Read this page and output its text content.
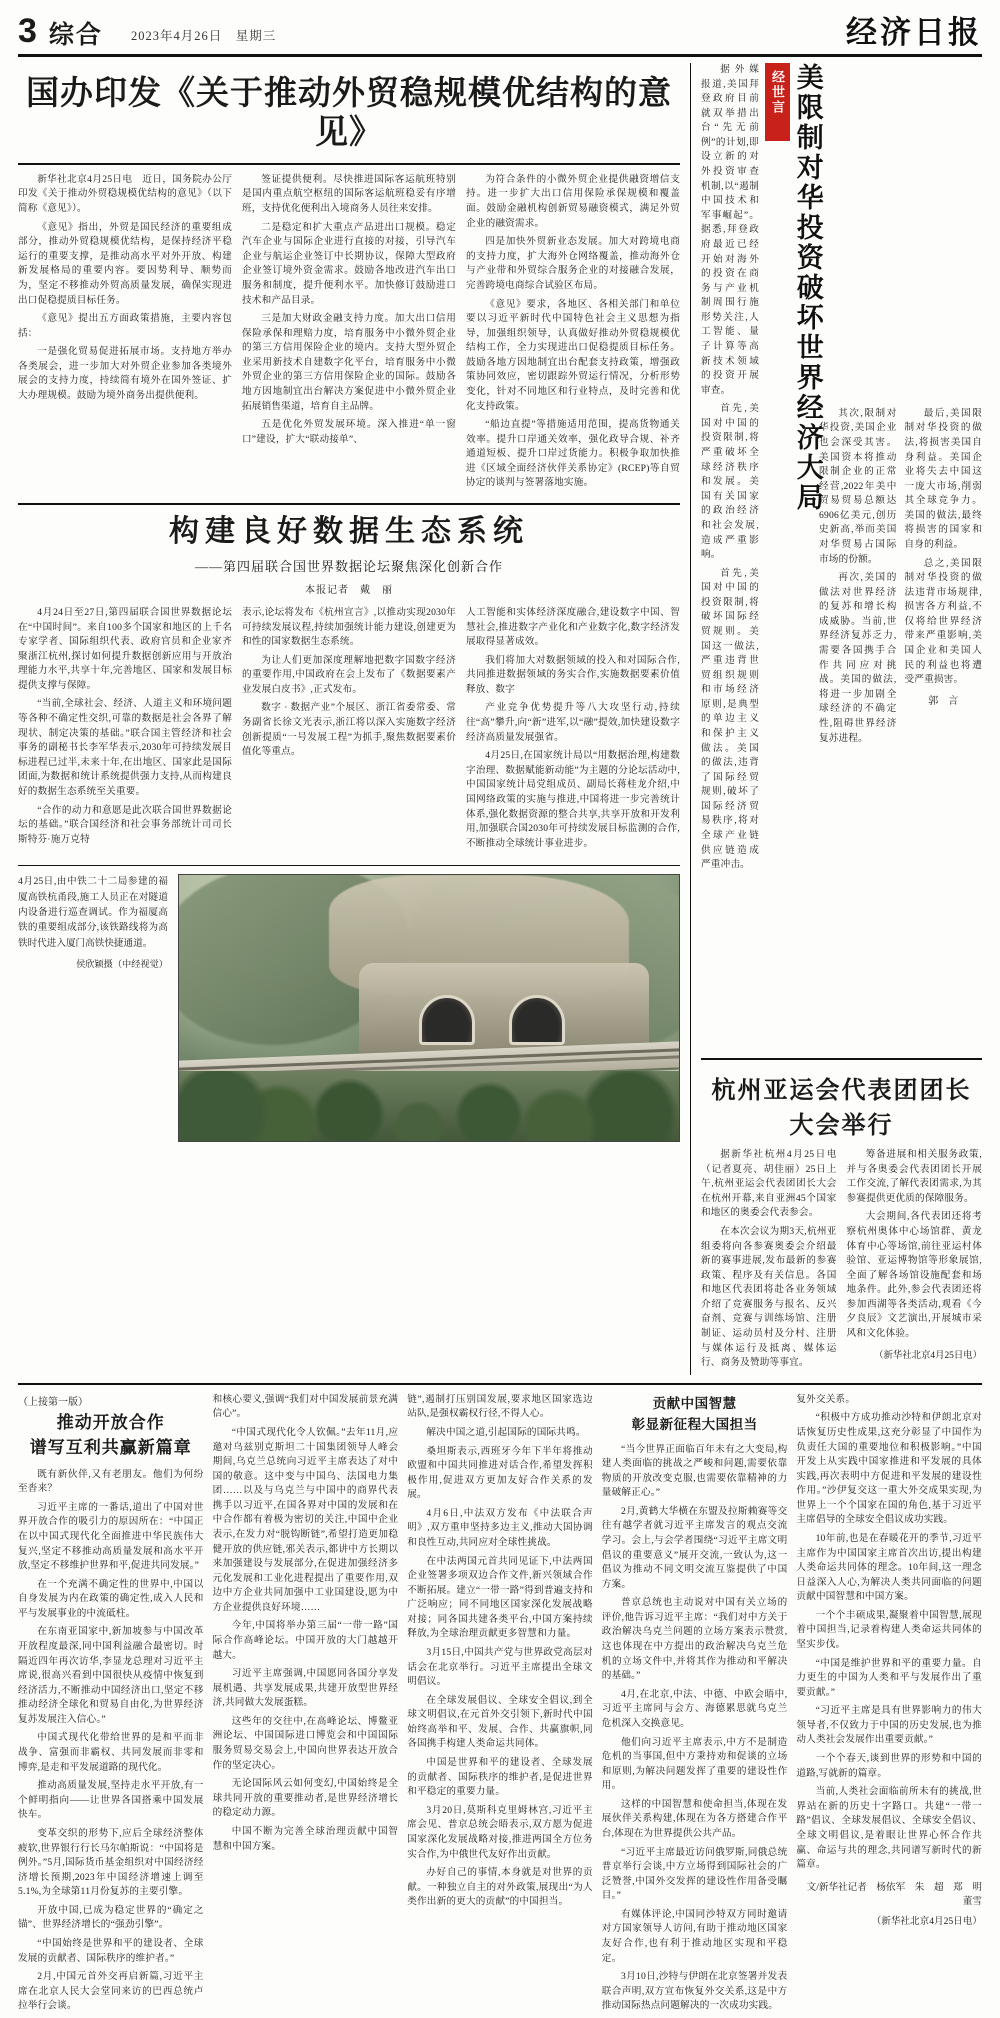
3 综合 2023年4月26日　星期三	经济日报
国办印发《关于推动外贸稳规模优结构的意见》

新华社北京4月25日电　近日，国务院办公厅印发《关于推动外贸稳规模优结构的意见》（以下简称《意见》）。

《意见》指出，外贸是国民经济的重要组成部分，推动外贸稳规模优结构，是保持经济平稳运行的重要支撑，是推动高水平对外开放、构建新发展格局的重要内容。要因势利导、顺势而为，坚定不移推动外贸高质量发展，确保实现进出口促稳提质目标任务。

《意见》提出五方面政策措施，主要内容包括：

一是强化贸易促进拓展市场。支持地方举办各类展会，进一步加大对外贸企业参加各类境外展会的支持力度，持续简有境外在国外签证、扩大办理规模。鼓励为境外商务出提供便利。

签证提供便利。尽快推进国际客运航班特别是国内重点航空枢纽的国际客运航班稳妥有序增班，支持优化便利出入境商务人员往来安排。

二是稳定和扩大重点产品进出口规模。稳定汽车企业与国际企业进行直接的对接，引导汽车企业与航运企业签订中长期协议，保障大型政府企业签订境外资金需求。鼓励各地改进汽车出口服务和制度，提升便利水平。加快修订鼓励进口技术和产品目录。

三是加大财政金融支持力度。加大出口信用保险承保和理赔力度，培育服务中小微外贸企业的第三方信用保险企业的境内。支持大型外贸企业采用新技术自建数字化平台，培育服务中小微外贸企业的第三方信用保险企业的国际。鼓励各地方因地制宜出台解决方案促进中小微外贸企业拓展销售渠道，培育自主品牌。

五是优化外贸发展环境。深入推进“单一窗口”建设，扩大“联动接单”、

为符合条件的小微外贸企业提供融资增信支持。进一步扩大出口信用保险承保规模和覆盖面。鼓励金融机构创新贸易融资模式，满足外贸企业的融资需求。

四是加快外贸新业态发展。加大对跨境电商的支持力度，扩大海外仓网络覆盖，推动海外仓与产业带和外贸综合服务企业的对接融合发展，完善跨境电商综合试验区布局。

《意见》要求，各地区、各相关部门和单位要以习近平新时代中国特色社会主义思想为指导，加强组织领导，认真做好推动外贸稳规模优结构工作，全力实现进出口促稳提质目标任务。鼓励各地方因地制宜出台配套支持政策，增强政策协同效应，密切跟踪外贸运行情况，分析形势变化，针对不同地区和行业特点，及时完善和优化支持政策。

“船边直提”等措施适用范围，提高货物通关效率。提升口岸通关效率，强化政导合规、补齐通道短板、提升口岸过货能力。积极争取加快推进《区域全面经济伙伴关系协定》(RCEP)等自贸协定的谈判与签署落地实施。

构建良好数据生态系统
——第四届联合国世界数据论坛聚焦深化创新合作
本报记者　戴　丽

4月24日至27日,第四届联合国世界数据论坛在“中国时间”。来自100多个国家和地区的上千名专家学者、国际组织代表、政府官员和企业家齐聚浙江杭州,探讨如何提升数据创新应用与开放治理能力水平,共享十年,完善地区、国家和发展目标提供支撑与保障。

“当前,全球社会、经济、人道主义和环境问题等各种不确定性交织,可靠的数据是社会各界了解现状、制定决策的基础。”联合国主管经济和社会事务的副秘书长李军华表示,2030年可持续发展目标进程已过半,未来十年,在出地区、国家此是国际团面,为数据和统计系统提供强力支持,从而构建良好的数据生态系统至关重要。

“合作的动力和意愿是此次联合国世界数据论坛的基础。”联合国经济和社会事务部统计司司长斯特芬·施万克特

表示,论坛将发布《杭州宣言》,以推动实现2030年可持续发展议程,持续加强统计能力建设,创建更为和性的国家数据生态系统。

为让人们更加深度理解地把数字国数字经济的重要作用,中国政府在会上发布了《数据要素产业发展白皮书》,正式发布。

数字 · 数据产业”个展区、浙江省委常委、常务副省长徐文光表示,浙江将以深入实施数字经济创新提质“一号发展工程”为抓手,聚焦数据要素价值化等重点。

人工智能和实体经济深度融合,建设数字中国、智慧社会,推进数字产业化和产业数字化,数字经济发展取得显著成效。

我们将加大对数据领域的投入和对国际合作,共同推进数据领域的务实合作,实施数据要素价值释放、数字

产业竞争优势提升等八大攻坚行动,持续往“高”攀升,向“新”进军,以“融”提效,加快建设数字经济高质量发展强省。

4月25日,在国家统计局以“用数据治理,构建数字治理、数据赋能新动能”为主题的分论坛活动中,中国国家统计局党组成员、副局长蒋桂龙介绍,中国网络政策的实施与推进,中国将进一步完善统计体系,强化数据资源的整合共享,共享开放和开发利用,加强联合国2030年可持续发展目标监测的合作,不断推动全球统计事业进步。

4月25日,由中铁二十二局参建的福厦高铁杭甬段,施工人员正在对隧道内设备进行巡查调试。作为福厦高铁的重要组成部分,该铁路线将为高铁时代进入厦门高铁快捷通道。
侯欣颖摄（中经视觉）

据外媒报道,美国拜登政府目前就双举措出台“先无前例”的计划,即设立新的对外投资审查机制,以“遏制中国技术和军事崛起”。据悉,拜登政府最近已经开始对海外的投资在商务与产业机制周围行施形势关注,人工智能、量子计算等高新技术领域的投资开展审查。

首先,美国对中国的投资限制,将严重破坏全球经济秩序和发展。美国有关国家的政治经济和社会发展,造成严重影响。

首先,美国对中国的投资限制,将破坏国际经贸规则。美国这一做法,严重违背世贸组织规则和市场经济原则,是典型的单边主义和保护主义做法。美国的做法,违背了国际经贸规则,破坏了国际经济贸易秩序,将对全球产业链供应链造成严重冲击。

美限制对华投资破坏世界经济大局
经世言

其次,限制对华投资,美国企业也会深受其害。美国资本将推动限制企业的正常经营,2022年美中贸易贸易总额达6906亿美元,创历史新高,举而美国对华贸易占国际市场的份额。

再次,美国的做法对世界经济的复苏和增长构成威胁。当前,世界经济复苏乏力,需要各国携手合作共同应对挑战。美国的做法,将进一步加剧全球经济的不确定性,阻碍世界经济复苏进程。

最后,美国限制对华投资的做法,将损害美国自身利益。美国企业将失去中国这一庞大市场,削弱其全球竞争力。美国的做法,最终将损害的国家和自身的利益。

总之,美国限制对华投资的做法违背市场规律,损害各方利益,不仅将给世界经济带来严重影响,美国企业和美国人民的利益也将遭受严重损害。

郭　言
杭州亚运会代表团团长大会举行

据新华社杭州4月25日电（记者夏亮、胡佳丽）25日上午,杭州亚运会代表团团长大会在杭州开幕,来自亚洲45个国家和地区的奥委会代表参会。

在本次会议为期3天,杭州亚组委将向各参赛奥委会介绍最新的赛事进展,发布最新的参赛政策、程序及有关信息。各国和地区代表团将赴各业务领域介绍了竞赛服务与报名、反兴奋剂、竞赛与训练场馆、注册制证、运动员村及分村、注册与媒体运行及抵离、媒体运行、商务及赞助等事宜。

筹备进展和相关服务政策,并与各奥委会代表团团长开展工作交流,了解代表团需求,为其参赛提供更优质的保障服务。

大会期间,各代表团还将考察杭州奥体中心场馆群、黄龙体育中心等场馆,前往亚运村体验馆、亚运博物馆等形象展馆,全面了解各场馆设施配套和场地条件。此外,参会代表团还将参加西湖等各类活动,观看《今夕良辰》文艺演出,开展城市采风和文化体验。

（新华社北京4月25日电）
（上接第一版）
推动开放合作
谱写互利共赢新篇章

既有新伙伴,又有老朋友。他们为何纷至沓来？

习近平主席的一番话,道出了中国对世界开放合作的吸引力的原因所在：“中国正在以中国式现代化全面推进中华民族伟大复兴,坚定不移推动高质量发展和高水平开放,坚定不移维护世界和平,促进共同发展。”

在一个充满不确定性的世界中,中国以自身发展为内在政策的确定性,成入人民和平与发展事业的中流砥柱。

在东南亚国家中,新加坡参与中国改革开放程度最深,同中国利益融合最密切。时隔近四年再次访华,李显龙总理对习近平主席说,很高兴看到中国很快从疫情中恢复到经济活力,不断推动中国经济出口,坚定不移推动经济全球化和贸易自由化,为世界经济复苏发展注入信心。”

中国式现代化带给世界的是和平而非战争、富强而非霸权、共同发展而非零和博弈,是走和平发展道路的现代化。

推动高质量发展,坚持走水平开放,有一个鲜明指向——让世界各国搭乘中国发展快车。

变革交织的形势下,应后全球经济整体疲软,世界银行行长马尔帕斯说：“中国将是例外。”5月,国际货币基金组织对中国经济经济增长预期,2023年中国经济增速上调至5.1%,为全球第11月份复苏的主要引擎。

开放中国,已成为稳定世界的“确定之锚”、世界经济增长的“强劲引擎”。

“中国始终是世界和平的建设者、全球发展的贡献者、国际秩序的维护者。”

2月,中国元首外交再启新篇,习近平主席在北京人民大会堂同来访的巴西总统卢拉举行会谈。

和核心要义,强调“我们对中国发展前景充满信心”。

“中国式现代化令人钦佩。”去年11月,应邀对乌兹别克斯坦二十国集团领导人峰会期间,乌克兰总统向习近平主席表达了对中国的敬意。这中变与中国乌、法国电力集团……以及与乌克兰与中国中的商界代表携手以习近平,在国各界对中国的发展和在中合作都有着极为密切的关注,中国中企业表示,在发力对“脱钩断链”,希望打造更加稳健开放的供应链,邪关表示,都讲中方长期以来加强建设与发展部分,在促进加强经济多元化发展和工业化进程提出了重要作用,双边中方企业共同加强中工业国建设,愿为中方企业提供良好环境……

今年,中国将举办第三届“一带一路”国际合作高峰论坛。中国开放的大门越越开越大。

习近平主席强调,中国愿同各国分享发展机遇、共享发展成果,共建开放型世界经济,共同做大发展蛋糕。

这些年的交往中,在高峰论坛、博鳌亚洲论坛、中国国际进口博览会和中国国际服务贸易交易会上,中国向世界表达开放合作的坚定决心。

无论国际风云如何变幻,中国始终是全球共同开放的重要推动者,是世界经济增长的稳定动力源。

中国不断为完善全球治理贡献中国智慧和中国方案。

链”,遏制打压别国发展,要求地区国家选边站队,是强权霸权行径,不得人心。

解决中国之道,引起国际的国际共鸣。

桑坦斯表示,西班牙今年下半年将推动欧盟和中国共同推进对话合作,希望发挥积极作用,促进双方更加友好合作关系的发展。

4月6日,中法双方发布《中法联合声明》,双方重申坚持多边主义,推动大国协调和良性互动,共同应对全球性挑战。

在中法两国元首共同见证下,中法两国企业签署多项双边合作文件,新兴领域合作不断拓展。建立“一带一路”得到普遍支持和广泛响应；同不同地区国家深化发展战略对接；同各国共建各类平台,中国方案持续释放,为全球治理贡献更多智慧和力量。

3月15日,中国共产党与世界政党高层对话会在北京举行。习近平主席提出全球文明倡议。

在全球发展倡议、全球安全倡议,到全球文明倡议,在元首外交引领下,新时代中国始终高举和平、发展、合作、共赢旗帜,同各国携手构建人类命运共同体。

中国是世界和平的建设者、全球发展的贡献者、国际秩序的维护者,是促进世界和平稳定的重要力量。

3月20日,莫斯科克里姆林宫,习近平主席会见、普京总统会晤表示,双方愿为促进国家深化发展战略对接,推进两国全方位务实合作,为中俄世代友好作出贡献。

办好自己的事情,本身就是对世界的贡献。一种独立自主的对外政策,展现出“为人类作出新的更大的贡献”的中国担当。

贡献中国智慧
彰显新征程大国担当

“当今世界正面临百年未有之大变局,构建人类面临的挑战之严峻和问题,需要依靠物质的开放改变克服,也需要依靠精神的力量破解正心。”

2月,黄鹤大华横在东盟及拉斯赖赛等交往有越学者就习近平主席发言的观点交流学习。会上,与会学者围绕“习近平主席文明倡议的重要意义”展开交流,一致认为,这一倡议为推动不同文明交流互鉴提供了中国方案。

普京总统也主动说对中国有关立场的评价,他告诉习近平主席：“我们对中方关于政治解决乌克兰问题的立场方案表示赞赏,这也体现在中方提出的政治解决乌克兰危机的立场文件中,并将其作为推动和平解决的基础。”

4月,在北京,中法、中德、中欧会晤中,习近平主席同与会方、海德累思就乌克兰危机深入交换意见。

他们向习近平主席表示,中方不是制造危机的当事国,但中方秉持劝和促谈的立场和原则,为解决问题发挥了重要的建设性作用。

这样的中国智慧和使命担当,体现在发展伙伴关系构建,体现在为各方搭建合作平台,体现在为世界提供公共产品。

“习近平主席最近访问俄罗斯,同俄总统普京举行会谈,中方立场得到国际社会的广泛赞誉,中国外交发挥的建设性作用备受瞩目。”

有媒体评论,中国同沙特双方同时邀请对方国家领导人访问,有助于推动地区国家友好合作,也有利于推动地区实现和平稳定。

3月10日,沙特与伊朗在北京签署并发表联合声明,双方宣布恢复外交关系,这是中方推动国际热点问题解决的一次成功实践。

复外交关系。

“积极中方成功推动沙特和伊朗北京对话恢复历史性成果,这充分彰显了中国作为负责任大国的重要地位和积极影响。”中国开发上从实践中国家推进和平发展的具体实践,再次表明中方促进和平发展的建设性作用。”沙伊复交这一重大外交成果实现,为世界上一个个国家在国的角色,基于习近平主席倡导的全球安全倡议成功实践。

10年前,也是在春暖花开的季节,习近平主席作为中国国家主席首次出访,提出构建人类命运共同体的理念。10年间,这一理念日益深入人心,为解决人类共同面临的问题贡献中国智慧和中国方案。

一个个丰硕成果,凝聚着中国智慧,展现着中国担当,记录着构建人类命运共同体的坚实步伐。

“中国是维护世界和平的重要力量。自力更生的中国为人类和平与发展作出了重要贡献。”

“习近平主席是具有世界影响力的伟大领导者,不仅致力于中国的历史发展,也为推动人类社会发展作出重要贡献。”

一个个春天,谈到世界的形势和中国的道路,写就新的篇章。

当前,人类社会面临前所未有的挑战,世界站在新的历史十字路口。共建“一带一路”倡议、全球发展倡议、全球安全倡议、全球文明倡议,是着眼让世界心怀合作共赢、命运与共的理念,共同谱写新时代的新篇章。

文/新华社记者　杨依军　朱　超　郑　明　董雪
（新华社北京4月25日电）
